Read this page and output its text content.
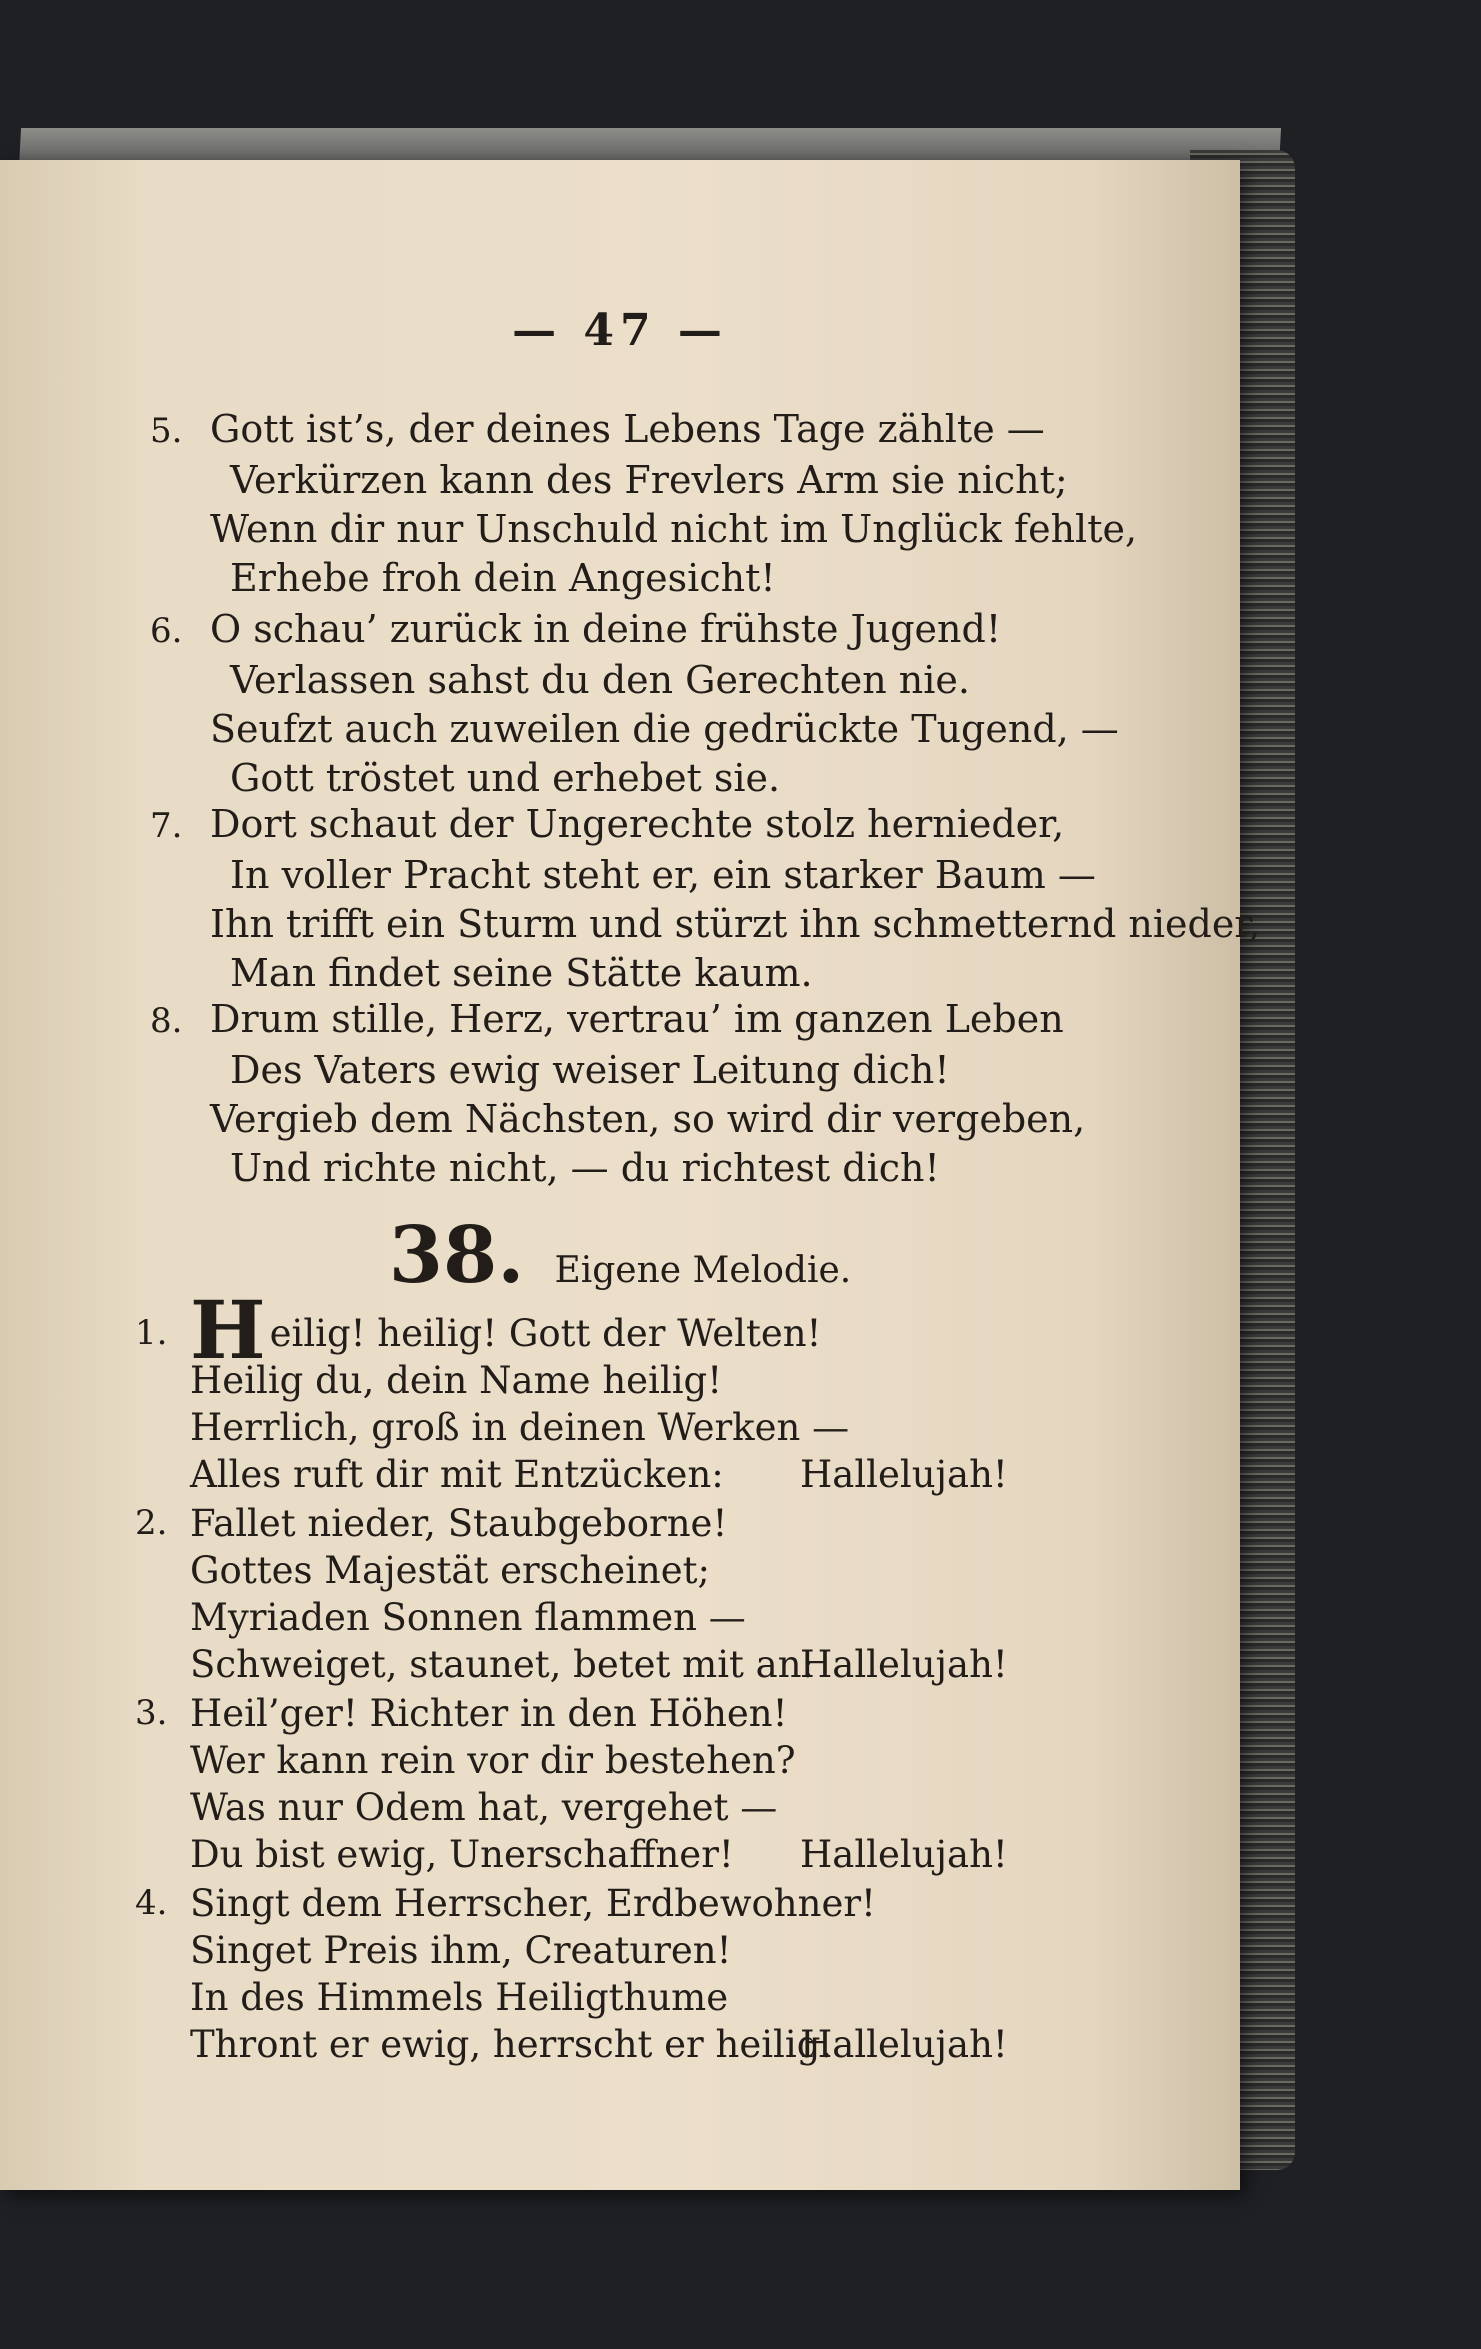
— 47 —
5. Gott ist’s, der deines Lebens Tage zählte —
Verkürzen kann des Frevlers Arm sie nicht;
Wenn dir nur Unschuld nicht im Unglück fehlte,
Erhebe froh dein Angesicht!
6. O schau’ zurück in deine frühste Jugend!
Verlassen sahst du den Gerechten nie.
Seufzt auch zuweilen die gedrückte Tugend, —
Gott tröstet und erhebet sie.
7. Dort schaut der Ungerechte stolz hernieder,
In voller Pracht steht er, ein starker Baum —
Ihn trifft ein Sturm und stürzt ihn schmetternd nieder,
Man findet seine Stätte kaum.
8. Drum stille, Herz, vertrau’ im ganzen Leben
Des Vaters ewig weiser Leitung dich!
Vergieb dem Nächsten, so wird dir vergeben,
Und richte nicht, — du richtest dich!
38. Eigene Melodie.
1. H eilig! heilig! Gott der Welten!
Heilig du, dein Name heilig!
Herrlich, groß in deinen Werken —
Alles ruft dir mit Entzücken: Hallelujah!
2. Fallet nieder, Staubgeborne!
Gottes Majestät erscheinet;
Myriaden Sonnen flammen —
Schweiget, staunet, betet mit an:
Hallelujah!
3. Heil’ger! Richter in den Höhen!
Wer kann rein vor dir bestehen?
Was nur Odem hat, vergehet —
Du bist ewig, Unerschaffner! Hallelujah!
4. Singt dem Herrscher, Erdbewohner!
Singet Preis ihm, Creaturen!
In des Himmels Heiligthume
Thront er ewig, herrscht er heilig.
Hallelujah!
